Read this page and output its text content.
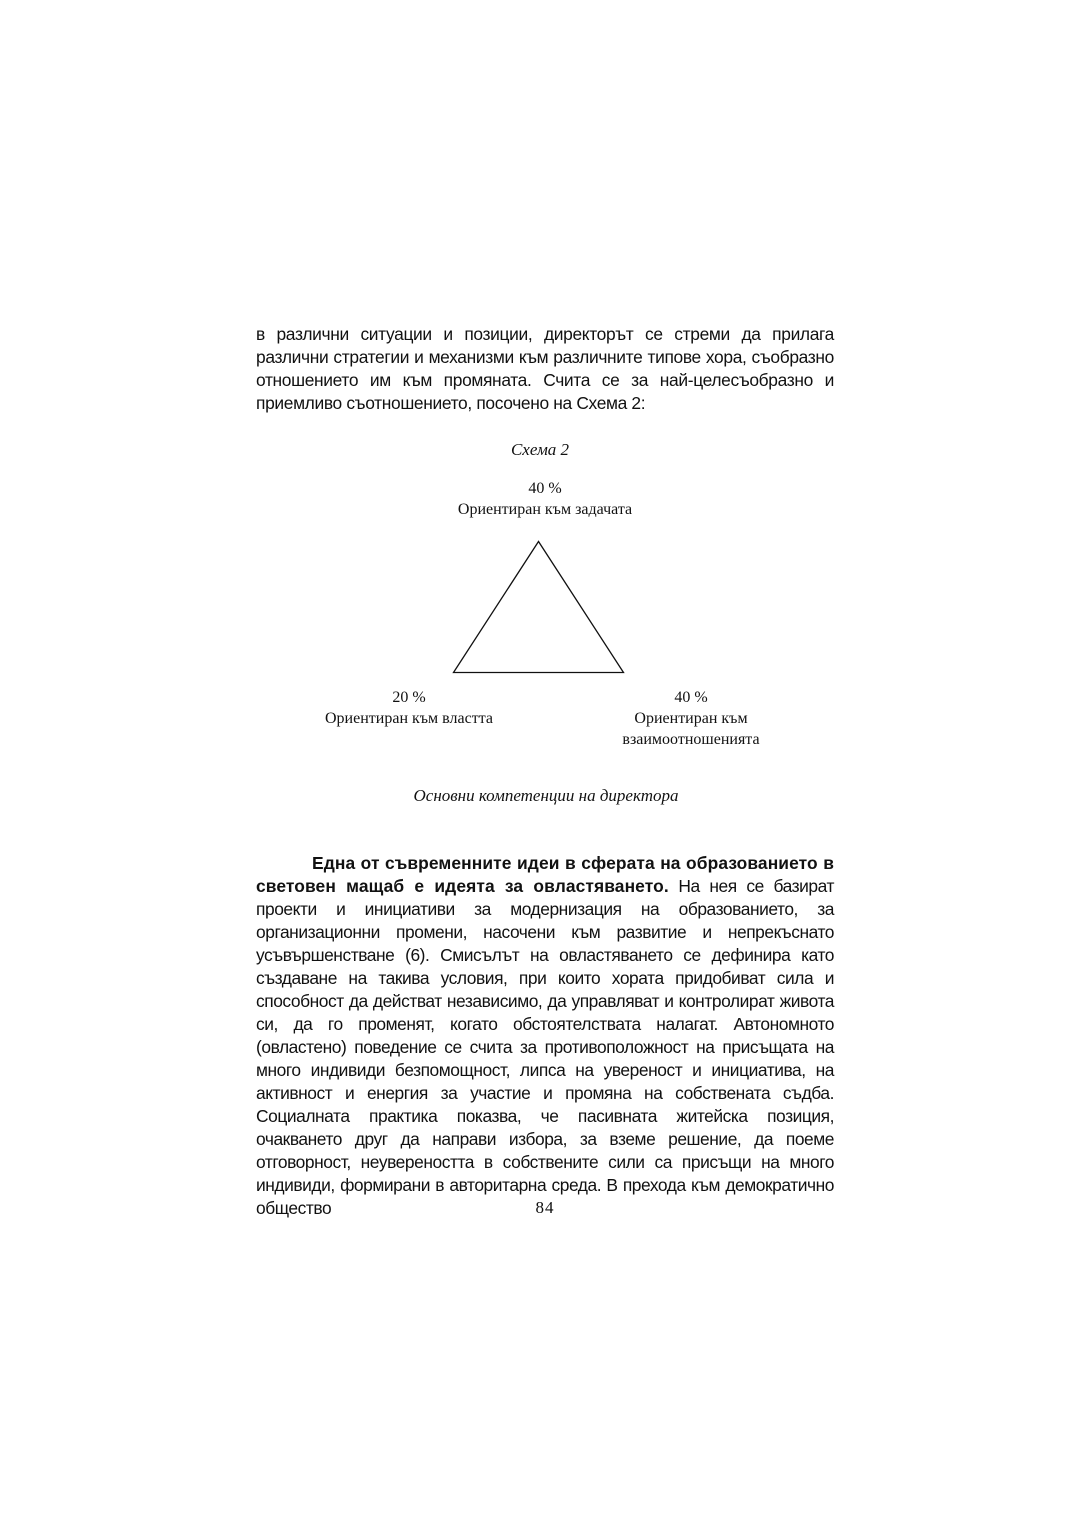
в различни ситуации и позиции, директорът се стреми да прилага различни стратегии и механизми към различните типове хора, съобразно отношението им към промяната. Счита се за най-целесъобразно и приемливо съотношението, посочено на Схема 2:

Схема 2
40 %
Ориентиран към задачата
20 %
Ориентиран към властта
40 %
Ориентиран към
взаимоотношенията
Основни компетенции на директора

Една от съвременните идеи в сферата на образованието в световен мащаб е идеята за овластяването. На нея се базират проекти и инициативи за модернизация на образованието, за организационни промени, насочени към развитие и непрекъснато усъвършенстване (6). Смисълът на овластяването се дефинира като създаване на такива условия, при които хората придобиват сила и способност да действат независимо, да управляват и контролират живота си, да го променят, когато обстоятелствата налагат. Автономното (овластено) поведение се счита за противоположност на присъщата на много индивиди безпомощност, липса на увереност и инициатива, на активност и енергия за участие и промяна на собствената съдба. Социалната практика показва, че пасивната житейска позиция, очакването друг да направи избора, за вземе решение, да поеме отговорност, неувереността в собствените сили са присъщи на много индивиди, формирани в авторитарна среда. В прехода към демократично общество	84
